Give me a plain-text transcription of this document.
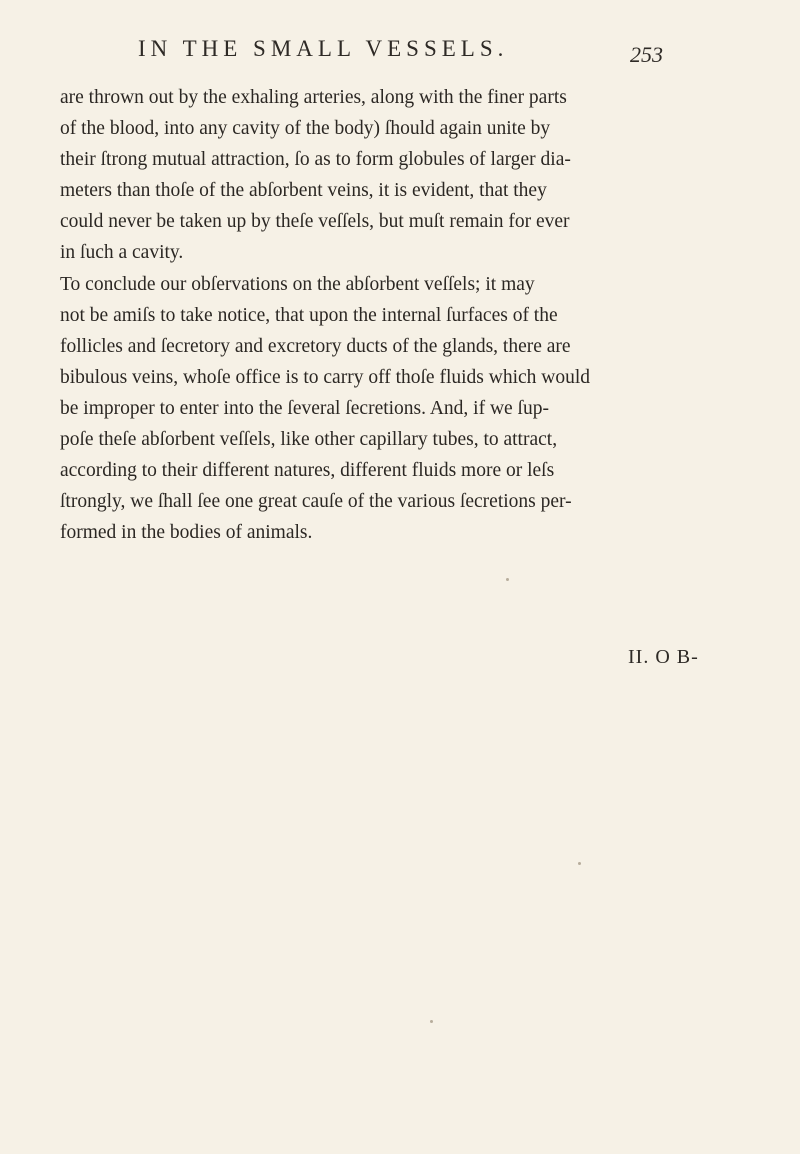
IN THE SMALL VESSELS.	253
are thrown out by the exhaling arteries, along with the finer parts
of the blood, into any cavity of the body) ſhould again unite by
their ſtrong mutual attraction, ſo as to form globules of larger dia-
meters than thoſe of the abſorbent veins, it is evident, that they
could never be taken up by theſe veſſels, but muſt remain for ever
in ſuch a cavity.
To conclude our obſervations on the abſorbent veſſels; it may
not be amiſs to take notice, that upon the internal ſurfaces of the
follicles and ſecretory and excretory ducts of the glands, there are
bibulous veins, whoſe office is to carry off thoſe fluids which would
be improper to enter into the ſeveral ſecretions. And, if we ſup-
poſe theſe abſorbent veſſels, like other capillary tubes, to attract,
according to their different natures, different fluids more or leſs
ſtrongly, we ſhall ſee one great cauſe of the various ſecretions per-
formed in the bodies of animals.
II. O B-
